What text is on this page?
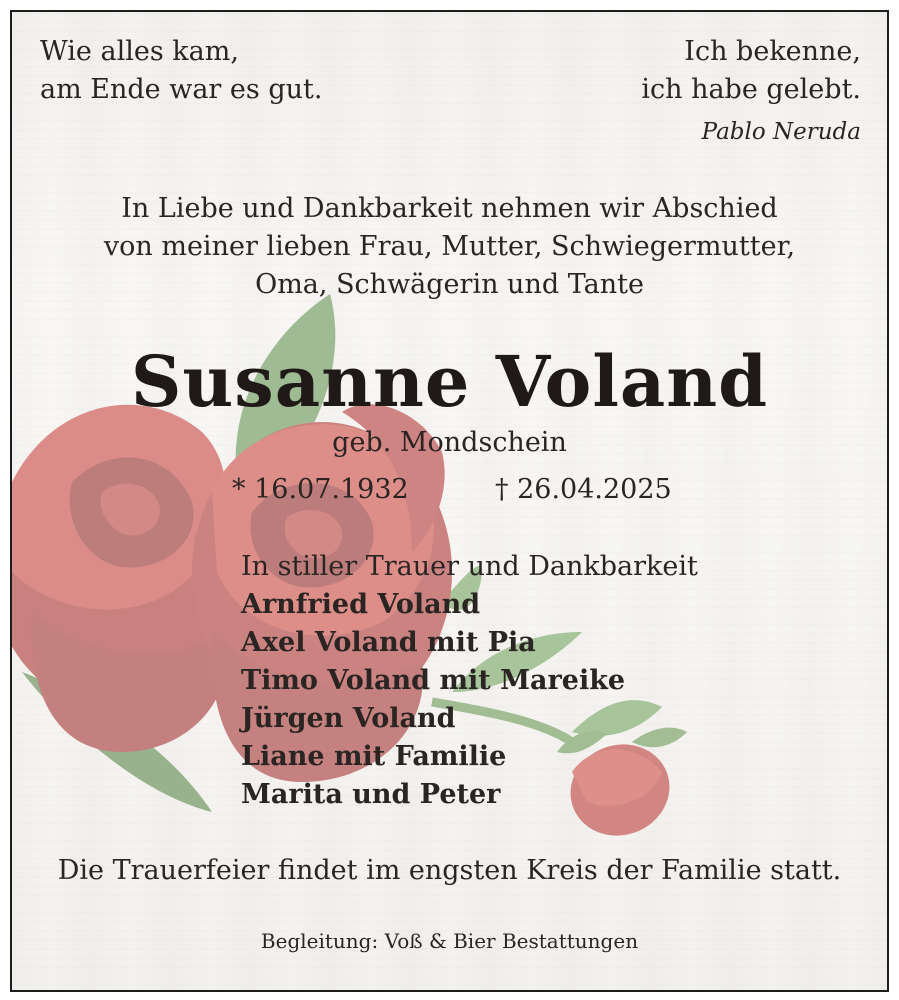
Wie alles kam,
am Ende war es gut.
Ich bekenne,
ich habe gelebt.
Pablo Neruda
In Liebe und Dankbarkeit nehmen wir Abschied
von meiner lieben Frau, Mutter, Schwiegermutter,
Oma, Schwägerin und Tante
Susanne Voland
geb. Mondschein
* 16.07.1932	† 26.04.2025
In stiller Trauer und Dankbarkeit
Arnfried Voland
Axel Voland mit Pia
Timo Voland mit Mareike
Jürgen Voland
Liane mit Familie
Marita und Peter
Die Trauerfeier findet im engsten Kreis der Familie statt.
Begleitung: Voß & Bier Bestattungen
